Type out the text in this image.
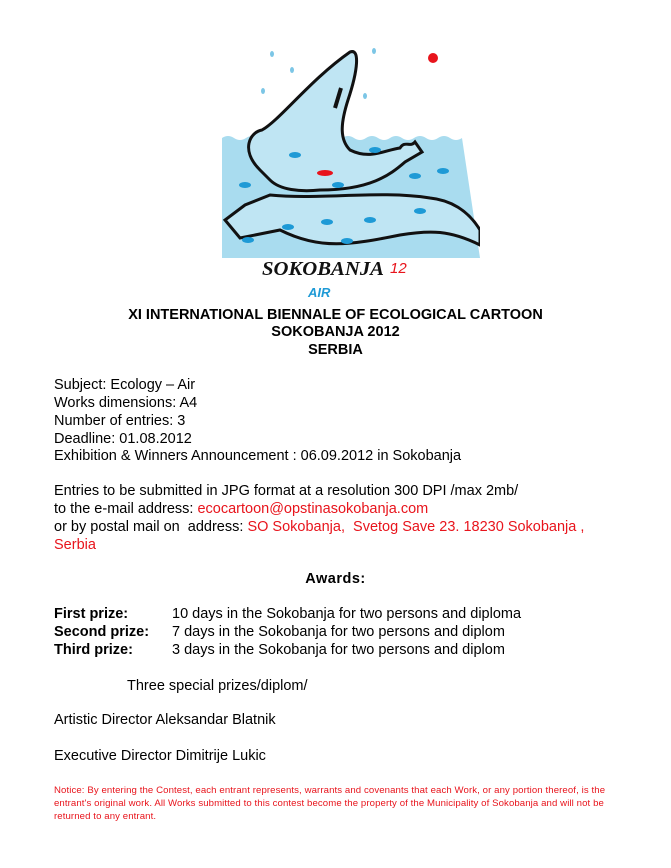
SOKOBANJA 12
AIR
XI INTERNATIONAL BIENNALE OF ECOLOGICAL CARTOON
SOKOBANJA 2012
SERBIA
Subject: Ecology – Air
Works dimensions: A4
Number of entries: 3
Deadline: 01.08.2012
Exhibition & Winners Announcement : 06.09.2012 in Sokobanja
Entries to be submitted in JPG format at a resolution 300 DPI /max 2mb/
to the e-mail address: ecocartoon@opstinasokobanja.com
or by postal mail on  address: SO Sokobanja,  Svetog Save 23. 18230 Sokobanja ,
Serbia
Awards:
First prize:	10 days in the Sokobanja for two persons and diploma
Second prize: 7 days in the Sokobanja for two persons and diplom
Third prize:	3 days in the Sokobanja for two persons and diplom
Three special prizes/diplom/
Artistic Director Aleksandar Blatnik
Executive Director Dimitrije Lukic
Notice: By entering the Contest, each entrant represents, warrants and covenants that each Work, or any portion thereof, is the entrant's original work. All Works submitted to this contest become the property of the Municipality of Sokobanja and will not be returned to any entrant.
